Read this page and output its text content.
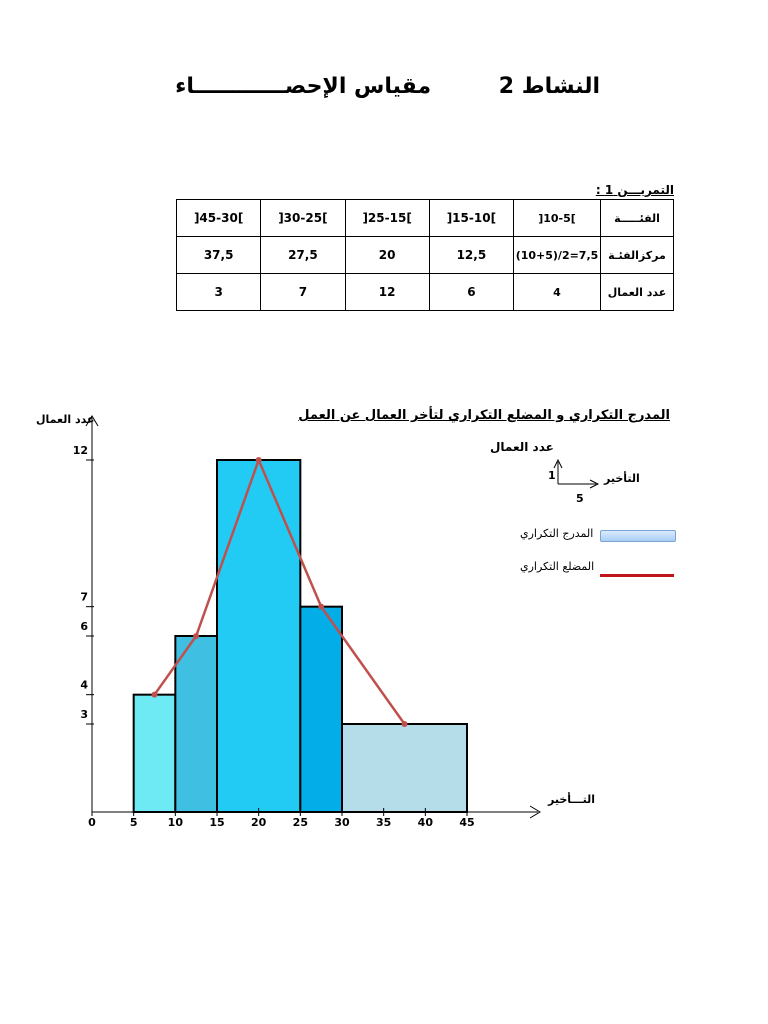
النشاط 2 مقياس الإحصــــــــــــاء
التمريـــن 1 :
الفئـــــة	]10-5[	]15-10[	]25-15[	]30-25[	]45-30[
مركزالفئـة	(10+5)/2=7,5	12,5	20	27,5	37,5
عدد العمال	4	6	12	7	3
المدرج التكراري و المضلع التكراري لتأخر العمال عن العمل
عدد العمال
التـــأخير
عدد العمال
التأخير
1
5
المدرج التكراري
المضلع التكراري
0	5	10 15 20 25 30 35 40 45
3
4
6
7
12
